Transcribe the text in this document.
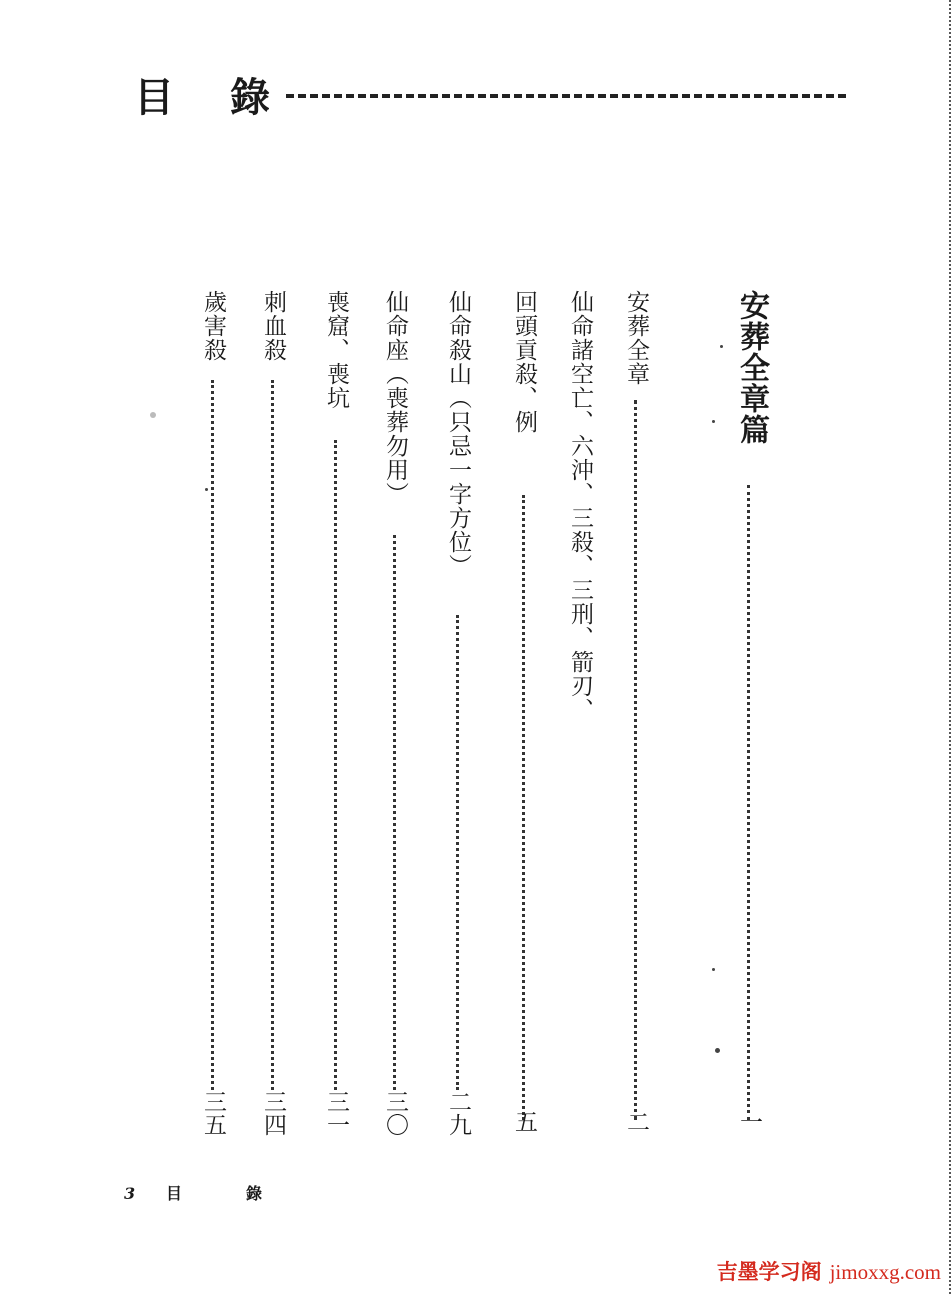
目 錄
安葬全章篇
一
安葬全章
二
仙命諸空亡、六沖、三殺、三刑、箭刃、
回頭貢殺、例
五
仙命殺山（只忌一字方位）
二九
仙命座（喪葬勿用）
三〇
喪窟、喪坑
三一
刺血殺
三四
歲害殺
三五
3 目	錄
吉墨学习阁 jimoxxg.com
